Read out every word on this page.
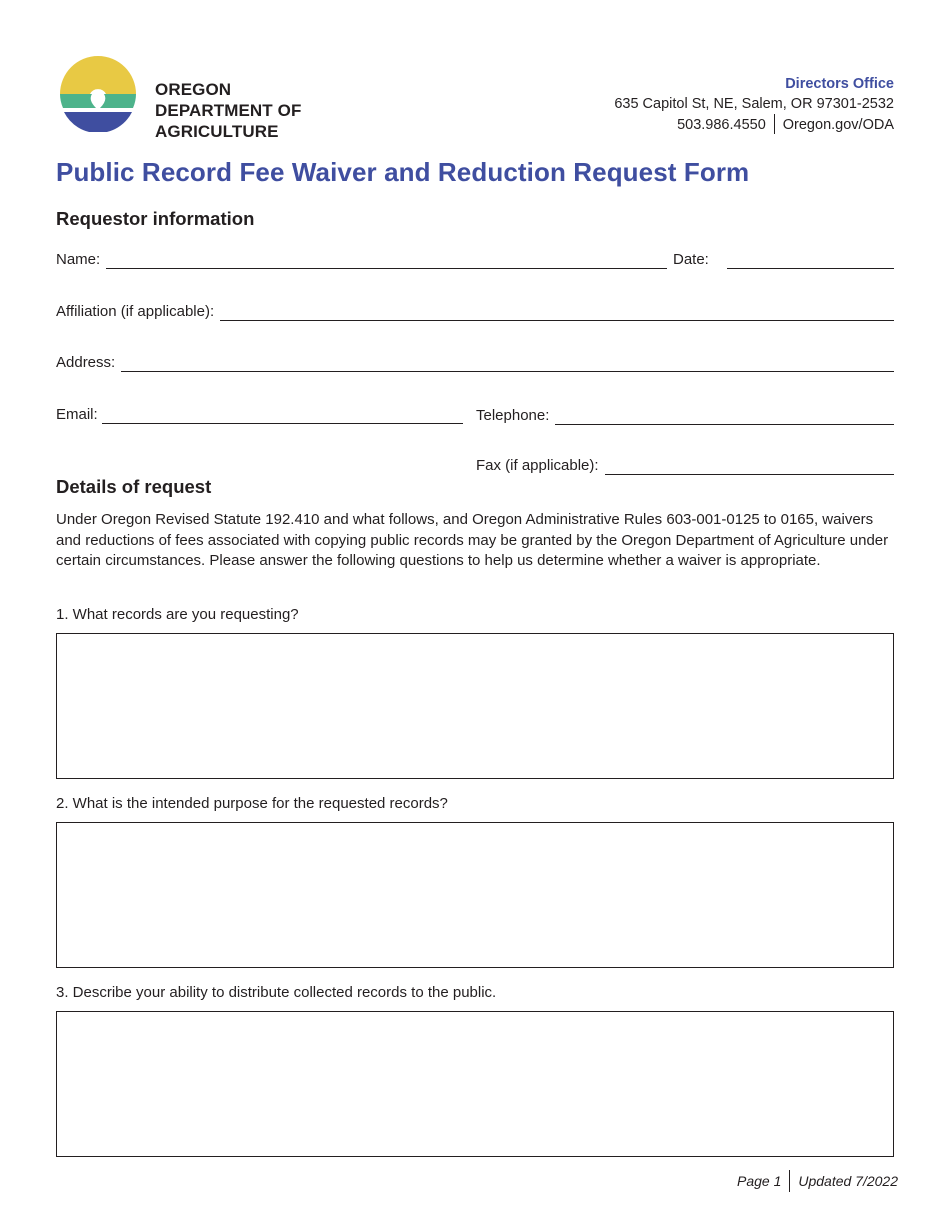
OREGON
DEPARTMENT OF
AGRICULTURE
Directors Office
635 Capitol St, NE, Salem, OR 97301-2532
503.986.4550 Oregon.gov/ODA
Public Record Fee Waiver and Reduction Request Form
Requestor information
Name:	Date:
Affiliation (if applicable):
Address:
Email:	Telephone:
Fax (if applicable):
Details of request
Under Oregon Revised Statute 192.410 and what follows, and Oregon Administrative Rules 603-001-0125 to 0165, waivers and reductions of fees associated with copying public records may be granted by the Oregon Department of Agriculture under certain circumstances. Please answer the following questions to help us determine whether a waiver is appropriate.
1. What records are you requesting?
2. What is the intended purpose for the requested records?
3. Describe your ability to distribute collected records to the public.
Page 1 Updated 7/2022
